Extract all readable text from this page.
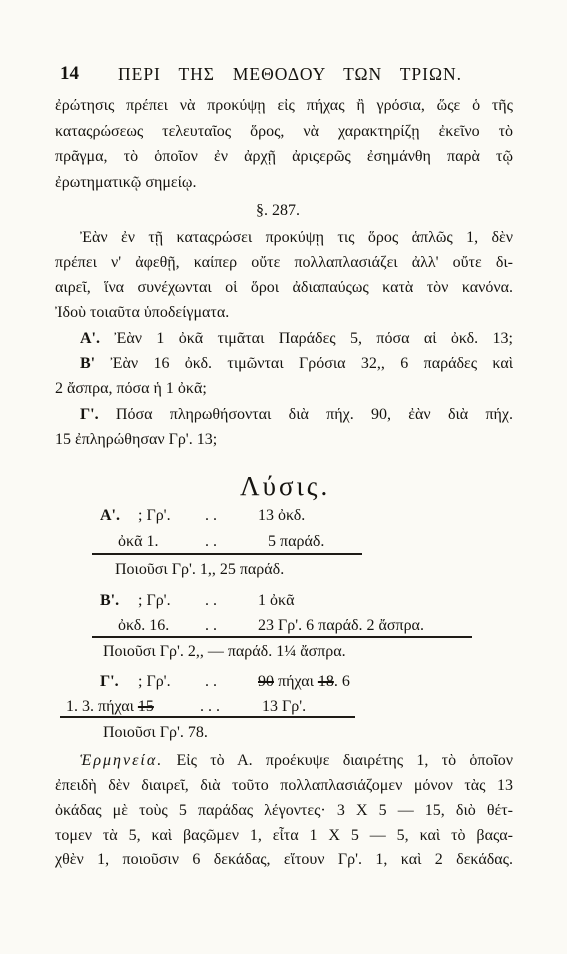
14 ΠΕΡΙ ΤΗΣ ΜΕΘΟΔΟΥ ΤΩΝ ΤΡΙΩΝ.
ἐρώτησις πρέπει νὰ προκύψῃ εἰς πήχας ἢ γρόσια, ὥςε ὁ τῆς
καταςρώσεως τελευταῖος ὅρος, νὰ χαρακτηρίζῃ ἐκεῖνο τὸ
πρᾶγμα, τὸ ὁποῖον ἐν ἀρχῇ ἀριςερῶς ἐσημάνθη παρὰ τῷ
ἐρωτηματικῷ σημείῳ.
§. 287.
Ἐὰν ἐν τῇ καταςρώσει προκύψῃ τις ὅρος ἁπλῶς 1, δὲν
πρέπει ν' ἀφεθῇ, καίπερ οὔτε πολλαπλασιάζει ἀλλ' οὔτε δι-
αιρεῖ, ἵνα συνέχωνται οἱ ὅροι ἀδιαπαύςως κατὰ τὸν κανόνα.
Ἰδοὺ τοιαῦτα ὑποδείγματα.
Α'. Ἐὰν 1 ὀκᾶ τιμᾶται Παράδες 5, πόσα αἱ ὀκδ. 13;
Β' Ἐὰν 16 ὀκδ. τιμῶνται Γρόσια 32,, 6 παράδες καὶ
2 ἄσπρα, πόσα ἡ 1 ὀκᾶ;
Γ'. Πόσα πληρωθήσονται διὰ πήχ. 90, ἐὰν διὰ πήχ.
15 ἐπληρώθησαν Γρ'. 13;
Λύσις.
Α'. ; Γρ'. . .	13 ὀκδ.
ὀκᾶ 1.	. .	5 παράδ.
Ποιοῦσι Γρ'. 1,, 25 παράδ.
Β'. ; Γρ'. . .	1 ὀκᾶ
ὀκδ. 16. . .	23 Γρ'. 6 παράδ. 2 ἄσπρα.
Ποιοῦσι Γρ'. 2,, — παράδ. 1¼ ἄσπρα.
Γ'. ; Γρ'. . .	90 πήχαι 18. 6
1. 3. πήχαι 15	. . .	13 Γρ'.
Ποιοῦσι Γρ'. 78.
Ἑρμηνεία. Εἰς τὸ Α. προέκυψε διαιρέτης 1, τὸ ὁποῖον
ἐπειδὴ δὲν διαιρεῖ, διὰ τοῦτο πολλαπλασιάζομεν μόνον τὰς 13
ὀκάδας μὲ τοὺς 5 παράδας λέγοντες· 3 X 5 — 15, διὸ θέτ-
τομεν τὰ 5, καὶ βαςῶμεν 1, εἶτα 1 X 5 — 5, καὶ τὸ βαςα-
χθὲν 1, ποιοῦσιν 6 δεκάδας, εἴτουν Γρ'. 1, καὶ 2 δεκάδας.
